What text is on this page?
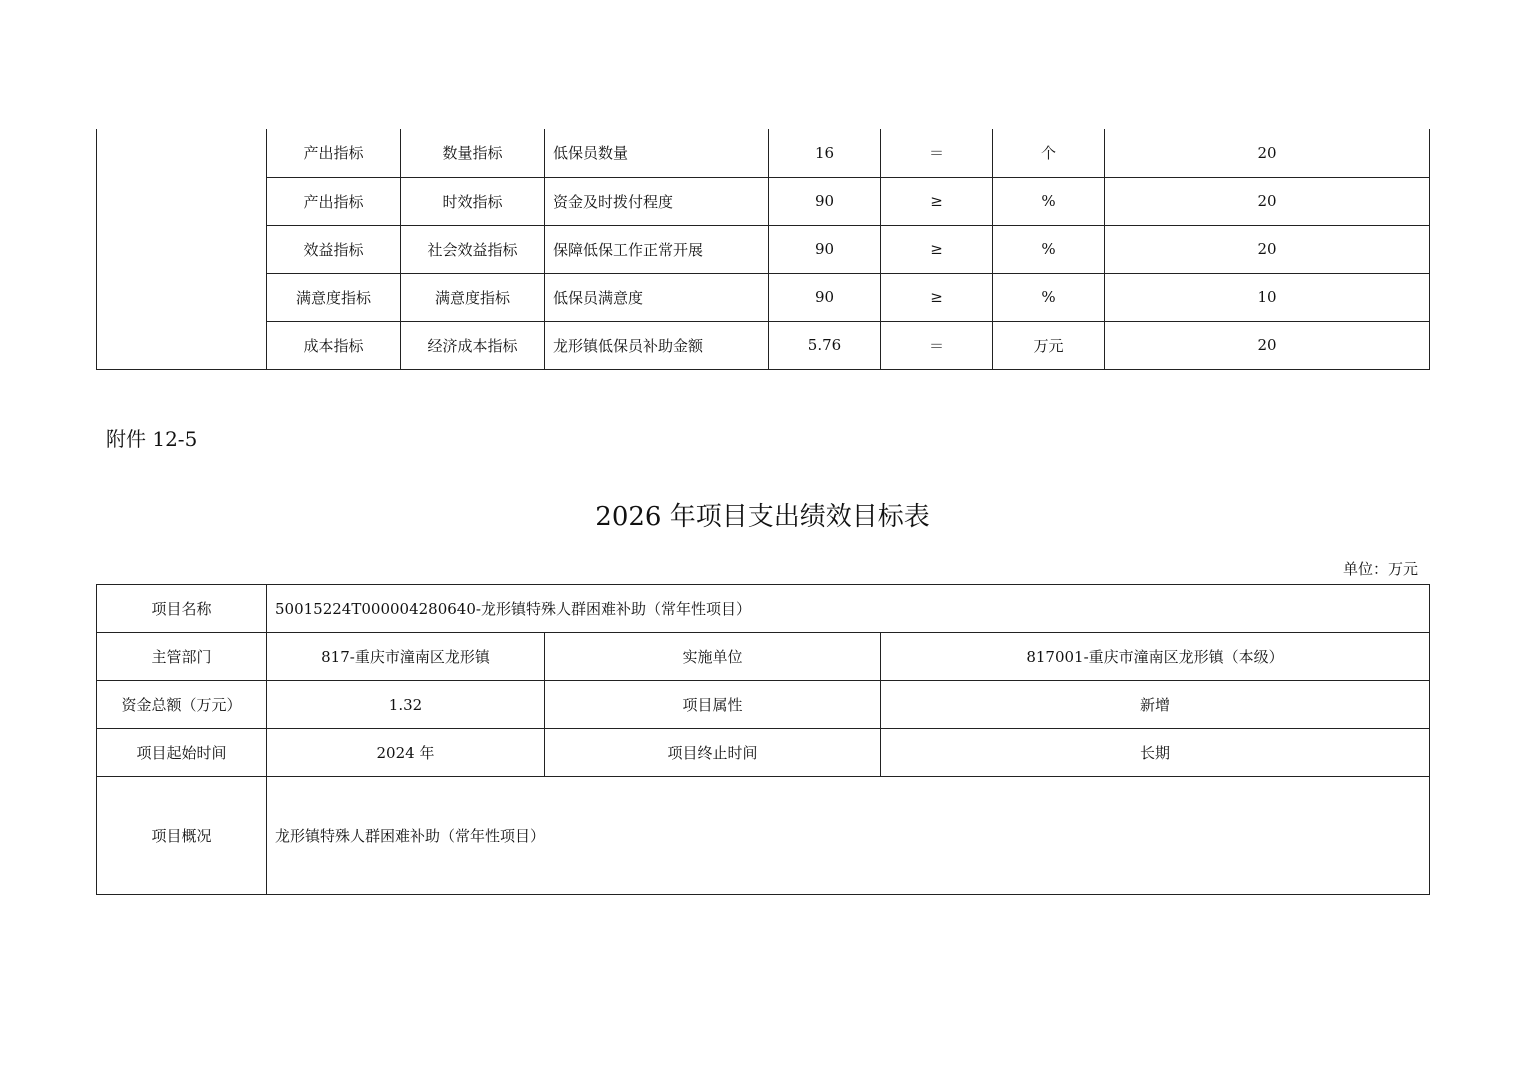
	产出指标	数量指标	低保员数量	16	＝	个	20
	产出指标	时效指标	资金及时拨付程度	90	≥	%	20
	效益指标	社会效益指标	保障低保工作正常开展	90	≥	%	20
	满意度指标	满意度指标	低保员满意度	90	≥	%	10
	成本指标	经济成本指标	龙形镇低保员补助金额	5.76	＝	万元	20
附件 12-5
2026 年项目支出绩效目标表
单位：万元
项目名称	50015224T000004280640-龙形镇特殊人群困难补助（常年性项目）		
主管部门	817-重庆市潼南区龙形镇	实施单位	817001-重庆市潼南区龙形镇（本级）
资金总额（万元）	1.32	项目属性	新增
项目起始时间	2024 年	项目终止时间	长期
项目概况	龙形镇特殊人群困难补助（常年性项目）		
